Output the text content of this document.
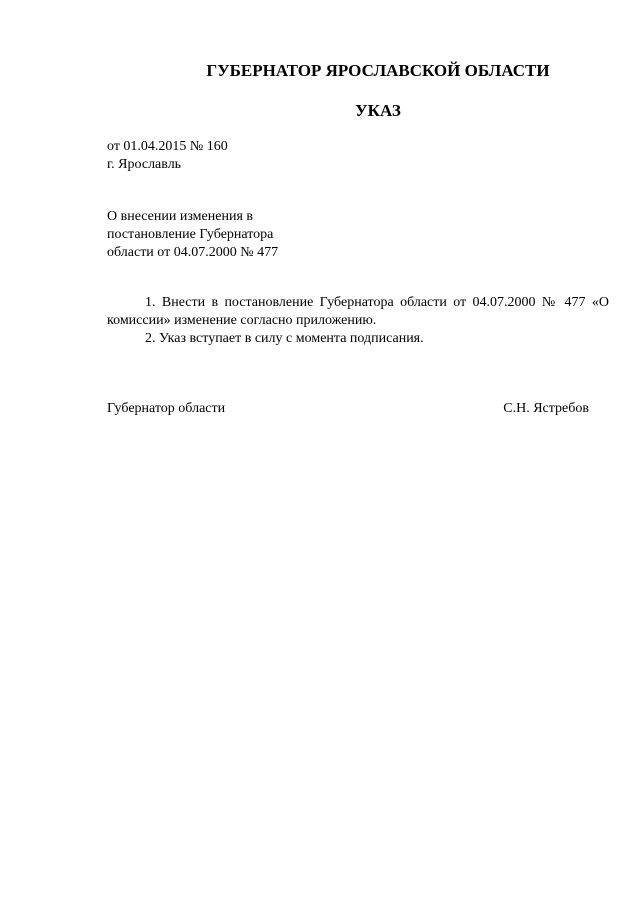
ГУБЕРНАТОР ЯРОСЛАВСКОЙ ОБЛАСТИ
УКАЗ
от 01.04.2015 № 160
г. Ярославль
О внесении изменения в
постановление Губернатора
области от 04.07.2000 № 477

1. Внести в постановление Губернатора области от 04.07.2000 № 477 «О комиссии» изменение согласно приложению.

2. Указ вступает в силу с момента подписания.

Губернатор области	С.Н. Ястребов
